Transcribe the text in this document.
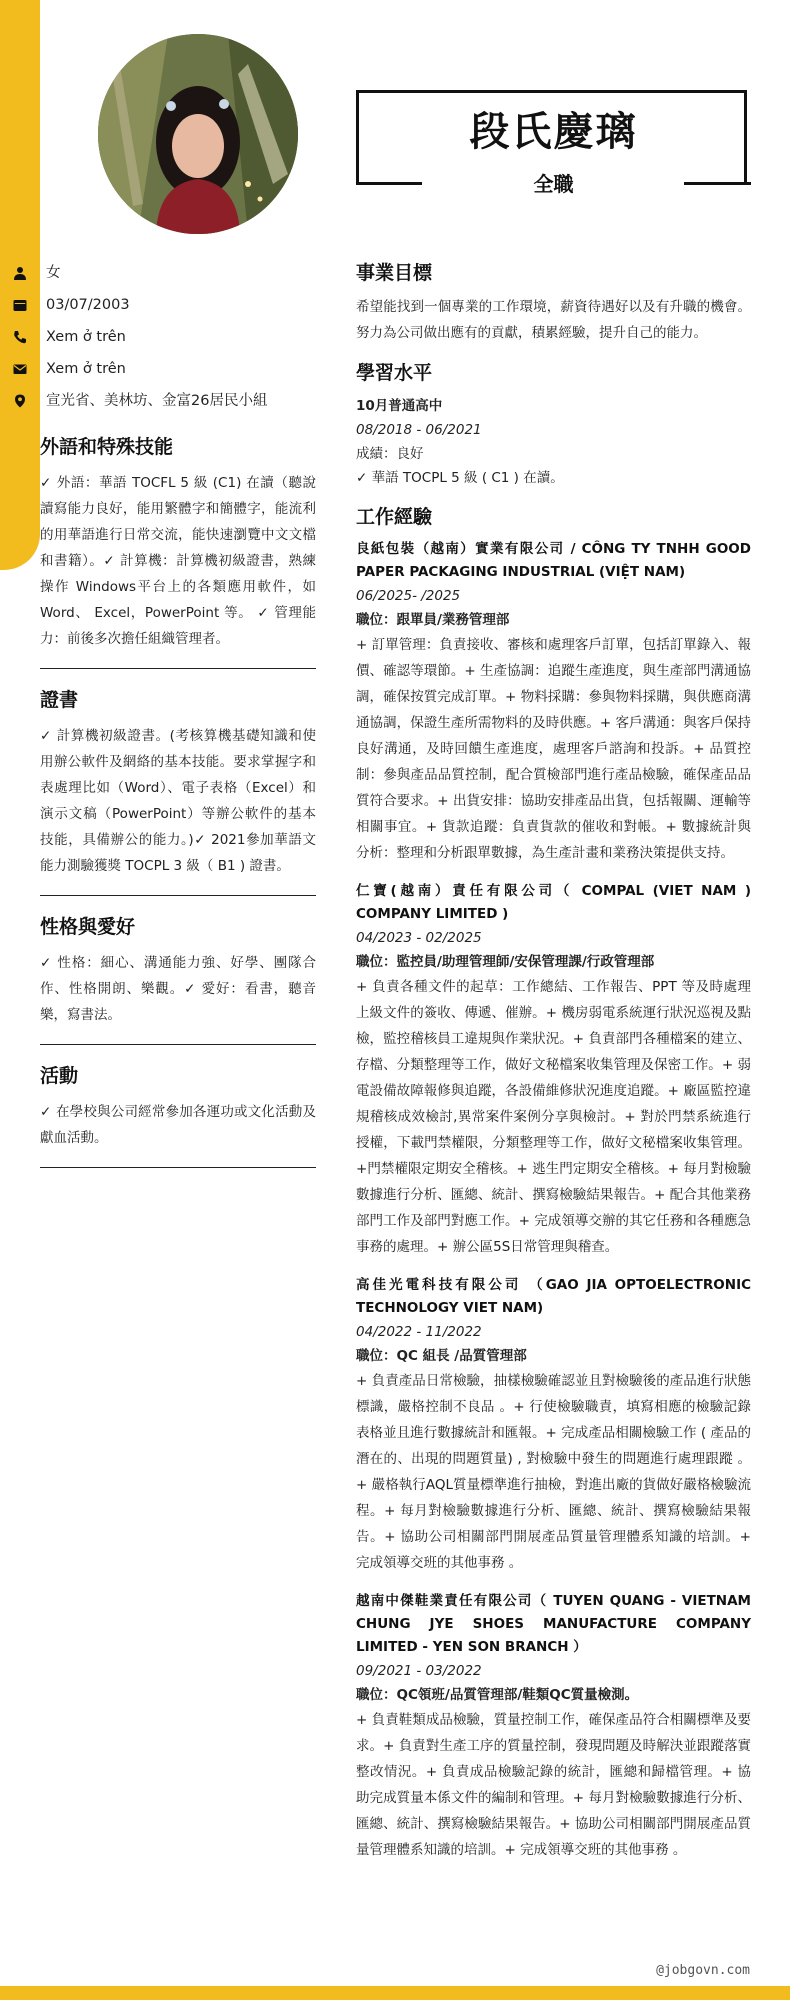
女
03/07/2003
Xem ở trên
Xem ở trên
宣光省、美林坊、金富26居民小組
外語和特殊技能

✓ 外語：華語 TOCFL 5 級 (C1) 在讀（聽說讀寫能力良好，能用繁體字和簡體字，能流利的用華語進行日常交流，能快速瀏覽中文文檔和書籍）。✓ 計算機：計算機初級證書，熟練操作 Windows平台上的各類應用軟件，如 Word、 Excel，PowerPoint 等。 ✓ 管理能力：前後多次擔任組織管理者。

證書

✓ 計算機初級證書。(考核算機基礎知識和使用辦公軟件及網絡的基本技能。要求掌握字和表處理比如（Word）、電子表格（Excel）和演示文稿（PowerPoint）等辦公軟件的基本技能，具備辦公的能力。)✓ 2021參加華語文能力測驗獲獎 TOCPL 3 級（ B1 ) 證書。

性格與愛好

✓ 性格：細心、溝通能力強、好學、團隊合作、性格開朗、樂觀。✓ 愛好：看書，聽音樂，寫書法。

活動

✓ 在學校與公司經常參加各運功或文化活動及獻血活動。

段氏慶璃
全職
事業目標

希望能找到一個專業的工作環境，薪資待遇好以及有升職的機會。努力為公司做出應有的貢獻，積累經驗，提升自己的能力。

學習水平
10月普通高中
08/2018 - 06/2021
成績：良好
✓ 華語 TOCPL 5 級 ( C1 ) 在讀。
工作經驗
良紙包裝（越南）實業有限公司 / CÔNG TY TNHH GOOD PAPER PACKAGING INDUSTRIAL (VIỆT NAM)
06/2025- /2025
職位：跟單員/業務管理部

+ 訂單管理：負責接收、審核和處理客戶訂單，包括訂單錄入、報價、確認等環節。+ 生產協調：追蹤生產進度，與生產部門溝通協調，確保按質完成訂單。+ 物料採購：參與物料採購，與供應商溝通協調，保證生產所需物料的及時供應。+ 客戶溝通：與客戶保持良好溝通，及時回饋生產進度，處理客戶諮詢和投訴。+ 品質控制：參與產品品質控制，配合質檢部門進行產品檢驗，確保產品品質符合要求。+ 出貨安排：協助安排產品出貨，包括報關、運輸等相關事宜。+ 貨款追蹤：負責貨款的催收和對帳。+ 數據統計與分析：整理和分析跟單數據，為生產計畫和業務決策提供支持。

仁寶(越南）責任有限公司（ COMPAL (VIET NAM ) COMPANY LIMITED )
04/2023 - 02/2025
職位：監控員/助理管理師/安保管理課/行政管理部

+ 負責各種文件的起草：工作總結、工作報告、PPT 等及時處理上級文件的簽收、傳遞、催辦。+ 機房弱電系統運行狀況巡視及點檢，監控稽核員工違規與作業狀況。+ 負責部門各種檔案的建立、存檔、分類整理等工作，做好文秘檔案收集管理及保密工作。+ 弱電設備故障報修與追蹤，各設備維修狀況進度追蹤。+ 廠區監控違規稽核成效檢討,異常案件案例分享與檢討。+ 對於門禁系統進行授權，下載門禁權限，分類整理等工作，做好文秘檔案收集管理。+門禁權限定期安全稽核。+ 逃生門定期安全稽核。+ 每月對檢驗數據進行分析、匯總、統計、撰寫檢驗結果報告。+ 配合其他業務部門工作及部門對應工作。+ 完成領導交辦的其它任務和各種應急事務的處理。+ 辦公區5S日常管理與稽查。

高佳光電科技有限公司 （GAO JIA OPTOELECTRONIC TECHNOLOGY VIET NAM)
04/2022 - 11/2022
職位：QC 組長 /品質管理部

+ 負責產品日常檢驗，抽樣檢驗確認並且對檢驗後的產品進行狀態標識，嚴格控制不良品 。+ 行使檢驗職責，填寫相應的檢驗記錄表格並且進行數據統計和匯報。+ 完成產品相關檢驗工作 ( 產品的潛在的、出現的問題質量) , 對檢驗中發生的問題進行處理跟蹤 。+ 嚴格執行AQL質量標準進行抽檢，對進出廠的貨做好嚴格檢驗流程。+ 每月對檢驗數據進行分析、匯總、統計、撰寫檢驗結果報告。+ 協助公司相關部門開展產品質量管理體系知識的培訓。+ 完成領導交班的其他事務 。

越南中傑鞋業責任有限公司（ TUYEN QUANG - VIETNAM CHUNG JYE SHOES MANUFACTURE COMPANY LIMITED - YEN SON BRANCH ）
09/2021 - 03/2022
職位：QC領班/品質管理部/鞋類QC質量檢測。

+ 負責鞋類成品檢驗，質量控制工作，確保產品符合相關標準及要求。+ 負責對生產工序的質量控制，發現問題及時解決並跟蹤落實整改情況。+ 負責成品檢驗記錄的統計，匯總和歸檔管理。+ 協助完成質量本係文件的編制和管理。+ 每月對檢驗數據進行分析、匯總、統計、撰寫檢驗結果報告。+ 協助公司相關部門開展產品質量管理體系知識的培訓。+ 完成領導交班的其他事務 。

@jobgovn.com
